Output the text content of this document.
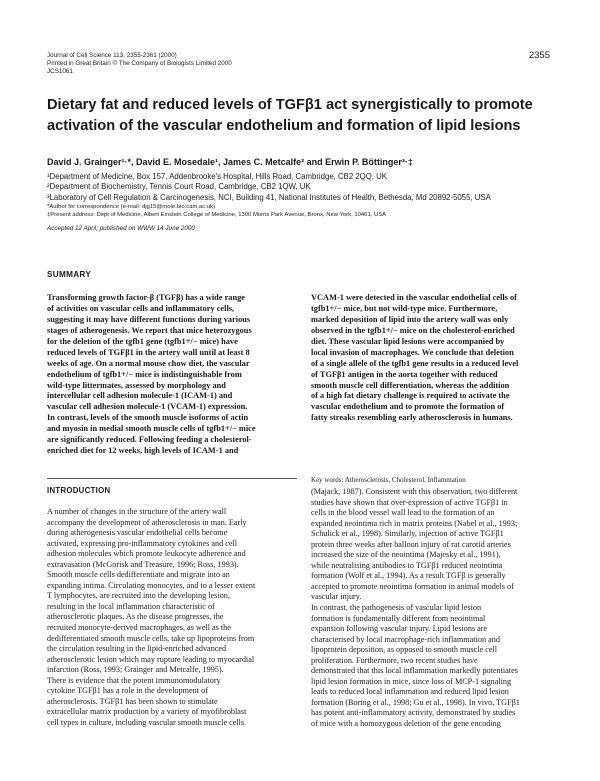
Journal of Cell Science 113, 2355-2361 (2000)
Printed in Great Britain © The Company of Biologists Limited 2000
JCS1061
2355
Dietary fat and reduced levels of TGFβ1 act synergistically to promote
activation of the vascular endothelium and formation of lipid lesions
David J. Grainger¹·*, David E. Mosedale¹, James C. Metcalfe² and Erwin P. Böttinger³·‡
¹Department of Medicine, Box 157, Addenbrooke's Hospital, Hills Road, Cambridge, CB2 2QQ, UK
²Department of Biochemistry, Tennis Court Road, Cambridge, CB2 1QW, UK
³Laboratory of Cell Regulation & Carcinogenesis, NCI, Building 41, National Institutes of Health, Bethesda, Md 20892-5055, USA
*Author for correspondence (e-mail: djg15@mole.bio.cam.ac.uk)
‡Present address: Dept of Medicine, Albert Einstein College of Medicine, 1300 Morris Park Avenue, Bronx, New York, 10461, USA
Accepted 12 April; published on WWW 14 June 2000
SUMMARY
Transforming growth factor-β (TGFβ) has a wide range
of activities on vascular cells and inflammatory cells,
suggesting it may have different functions during various
stages of atherogenesis. We report that mice heterozygous
for the deletion of the tgfb1 gene (tgfb1+/− mice) have
reduced levels of TGFβ1 in the artery wall until at least 8
weeks of age. On a normal mouse chow diet, the vascular
endothelium of tgfb1+/− mice is indistinguishable from
wild-type littermates, assessed by morphology and
intercellular cell adhesion molecule-1 (ICAM-1) and
vascular cell adhesion molecule-1 (VCAM-1) expression.
In contrast, levels of the smooth muscle isoforms of actin
and myosin in medial smooth muscle cells of tgfb1+/− mice
are significantly reduced. Following feeding a cholesterol-
enriched diet for 12 weeks, high levels of ICAM-1 and
VCAM-1 were detected in the vascular endothelial cells of
tgfb1+/− mice, but not wild-type mice. Furthermore,
marked deposition of lipid into the artery wall was only
observed in the tgfb1+/− mice on the cholesterol-enriched
diet. These vascular lipid lesions were accompanied by
local invasion of macrophages. We conclude that deletion
of a single allele of the tgfb1 gene results in a reduced level
of TGFβ1 antigen in the aorta together with reduced
smooth muscle cell differentiation, whereas the addition
of a high fat dietary challenge is required to activate the
vascular endothelium and to promote the formation of
fatty streaks resembling early atherosclerosis in humans.
Key words: Atherosclerosis, Cholesterol, Inflammation
INTRODUCTION
A number of changes in the structure of the artery wall
accompany the development of atherosclerosis in man. Early
during atherogenesis vascular endothelial cells become
activated, expressing pro-inflammatory cytokines and cell
adhesion molecules which promote leukocyte adherence and
extravasation (McGorisk and Treasure, 1996; Ross, 1993).
Smooth muscle cells dedifferentiate and migrate into an
expanding intima. Circulating monocytes, and to a lesser extent
T lymphocytes, are recruited into the developing lesion,
resulting in the local inflammation characteristic of
atherosclerotic plaques. As the disease progresses, the
recruited monocyte-derived macrophages, as well as the
dedifferentiated smooth muscle cells, take up lipoproteins from
the circulation resulting in the lipid-enriched advanced
atherosclerotic lesion which may rupture leading to myocardial
infarction (Ross, 1993; Grainger and Metcalfe, 1995).
There is evidence that the potent immunomodulatory
cytokine TGFβ1 has a role in the development of
atherosclerosis. TGFβ1 has been shown to stimulate
extracellular matrix production by a variety of myofibroblast
cell types in culture, including vascular smooth muscle cells
(Majack, 1987). Consistent with this observation, two different
studies have shown that over-expression of active TGFβ1 in
cells in the blood vessel wall lead to the formation of an
expanded neointima rich in matrix proteins (Nabel et al., 1993;
Schulick et al., 1998). Similarly, injection of active TGFβ1
protein three weeks after balloon injury of rat carotid arteries
increased the size of the neointima (Majesky et al., 1991),
while neutralising antibodies to TGFβ1 reduced neointima
formation (Wolf et al., 1994). As a result TGFβ is generally
accepted to promote neointima formation in animal models of
vascular injury.
In contrast, the pathogenesis of vascular lipid lesion
formation is fundamentally different from neointimal
expansion following vascular injury. Lipid lesions are
characterised by local macrophage-rich inflammation and
lipoprotein deposition, as opposed to smooth muscle cell
proliferation. Furthermore, two recent studies have
demonstrated that this local inflammation markedly potentiates
lipid lesion formation in mice, since loss of MCP-1 signaling
leads to reduced local inflammation and reduced lipid lesion
formation (Boring et al., 1998; Gu et al., 1998). In vivo, TGFβ1
has potent anti-inflammatory activity, demonstrated by studies
of mice with a homozygous deletion of the gene encoding
